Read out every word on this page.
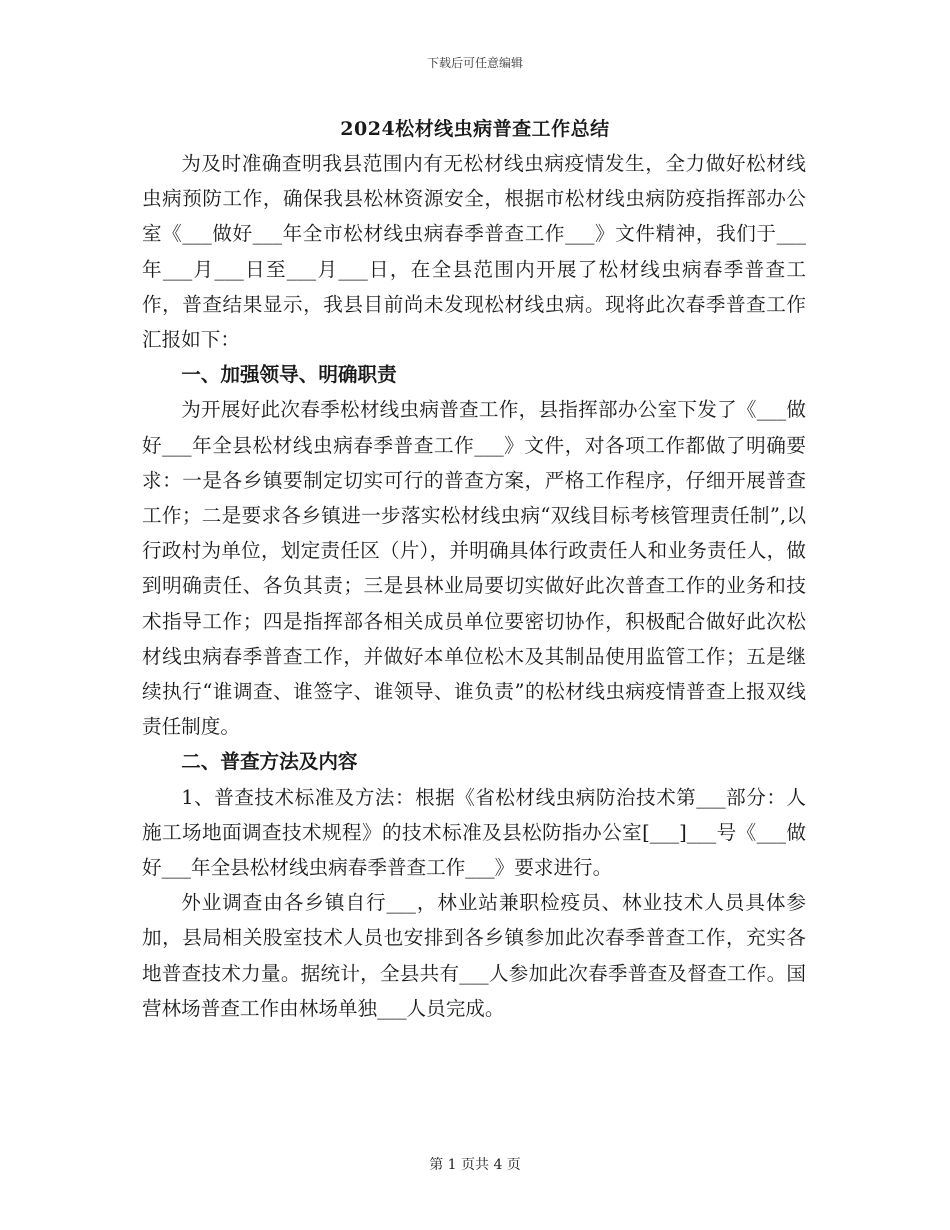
下载后可任意编辑
2024松材线虫病普查工作总结

为及时准确查明我县范围内有无松材线虫病疫情发生，全力做好松材线虫病预防工作，确保我县松林资源安全，根据市松材线虫病防疫指挥部办公室《___做好___年全市松材线虫病春季普查工作___》文件精神，我们于___年___月___日至___月___日，在全县范围内开展了松材线虫病春季普查工作，普查结果显示，我县目前尚未发现松材线虫病。现将此次春季普查工作汇报如下：

一、加强领导、明确职责

为开展好此次春季松材线虫病普查工作，县指挥部办公室下发了《___做好___年全县松材线虫病春季普查工作___》文件，对各项工作都做了明确要求：一是各乡镇要制定切实可行的普查方案，严格工作程序，仔细开展普查工作；二是要求各乡镇进一步落实松材线虫病“双线目标考核管理责任制”,以行政村为单位，划定责任区（片），并明确具体行政责任人和业务责任人，做到明确责任、各负其责；三是县林业局要切实做好此次普查工作的业务和技术指导工作；四是指挥部各相关成员单位要密切协作，积极配合做好此次松材线虫病春季普查工作，并做好本单位松木及其制品使用监管工作；五是继续执行“谁调查、谁签字、谁领导、谁负责”的松材线虫病疫情普查上报双线责任制度。

二、普查方法及内容

1、普查技术标准及方法：根据《省松材线虫病防治技术第___部分：人施工场地面调查技术规程》的技术标准及县松防指办公室[___]___号《___做好___年全县松材线虫病春季普查工作___》要求进行。

外业调查由各乡镇自行___，林业站兼职检疫员、林业技术人员具体参加，县局相关股室技术人员也安排到各乡镇参加此次春季普查工作，充实各地普查技术力量。据统计，全县共有___人参加此次春季普查及督查工作。国营林场普查工作由林场单独___人员完成。

第 1 页共 4 页
